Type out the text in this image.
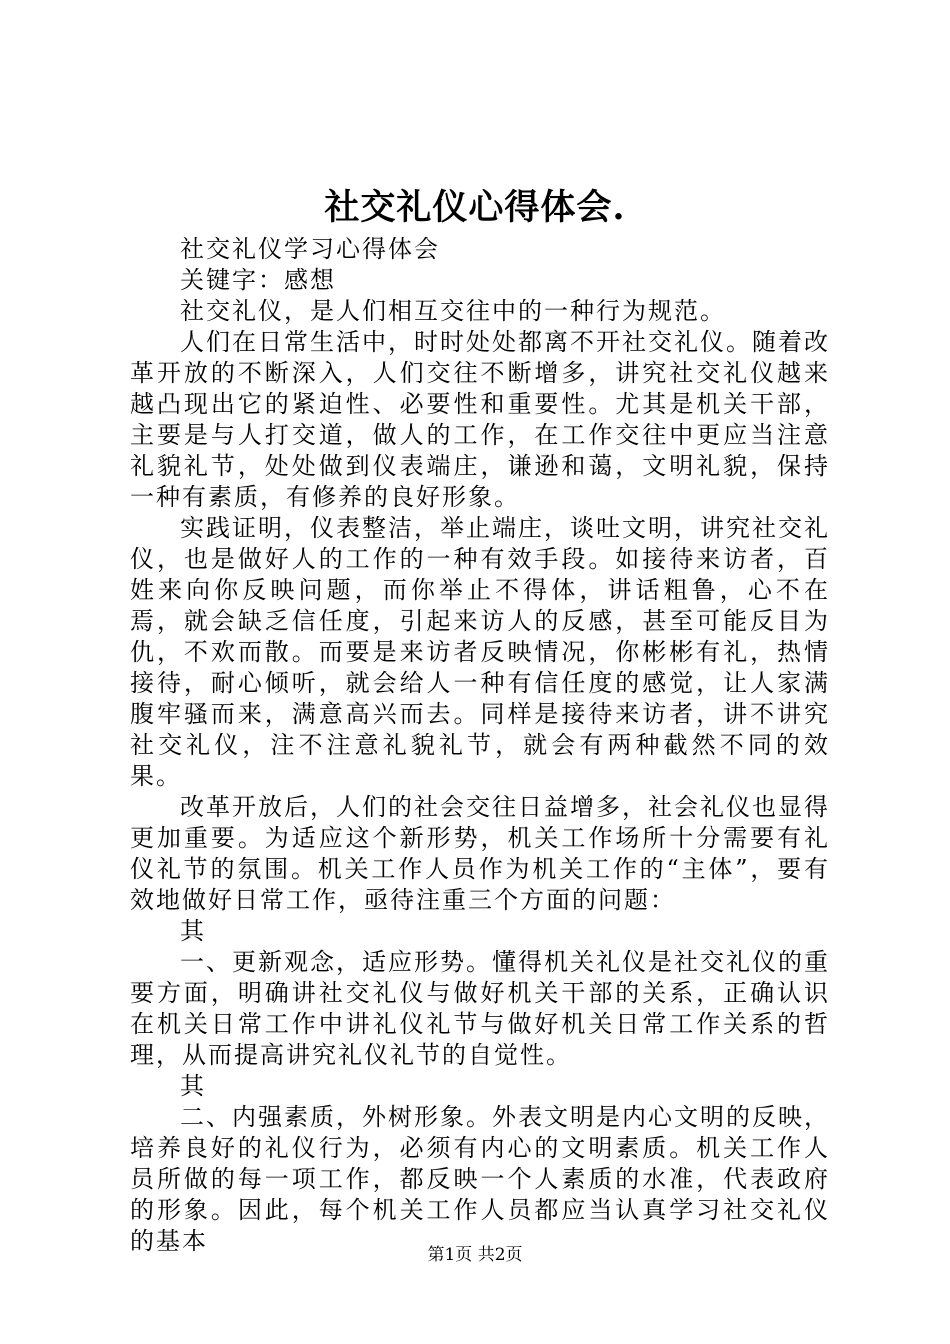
社交礼仪心得体会.

社交礼仪学习心得体会

关键字：感想

社交礼仪，是人们相互交往中的一种行为规范。

人们在日常生活中，时时处处都离不开社交礼仪。随着改革开放的不断深入，人们交往不断增多，讲究社交礼仪越来越凸现出它的紧迫性、必要性和重要性。尤其是机关干部，主要是与人打交道，做人的工作，在工作交往中更应当注意礼貌礼节，处处做到仪表端庄，谦逊和蔼，文明礼貌，保持一种有素质，有修养的良好形象。

实践证明，仪表整洁，举止端庄，谈吐文明，讲究社交礼仪，也是做好人的工作的一种有效手段。如接待来访者，百姓来向你反映问题，而你举止不得体，讲话粗鲁，心不在焉，就会缺乏信任度，引起来访人的反感，甚至可能反目为仇，不欢而散。而要是来访者反映情况，你彬彬有礼，热情接待，耐心倾听，就会给人一种有信任度的感觉，让人家满腹牢骚而来，满意高兴而去。同样是接待来访者，讲不讲究社交礼仪，注不注意礼貌礼节，就会有两种截然不同的效果。

改革开放后，人们的社会交往日益增多，社会礼仪也显得更加重要。为适应这个新形势，机关工作场所十分需要有礼仪礼节的氛围。机关工作人员作为机关工作的“主体”，要有效地做好日常工作，亟待注重三个方面的问题：

其

一、更新观念，适应形势。懂得机关礼仪是社交礼仪的重要方面，明确讲社交礼仪与做好机关干部的关系，正确认识在机关日常工作中讲礼仪礼节与做好机关日常工作关系的哲理，从而提高讲究礼仪礼节的自觉性。

其

二、内强素质，外树形象。外表文明是内心文明的反映，培养良好的礼仪行为，必须有内心的文明素质。机关工作人员所做的每一项工作，都反映一个人素质的水准，代表政府的形象。因此，每个机关工作人员都应当认真学习社交礼仪的基本	第1页 共2页
